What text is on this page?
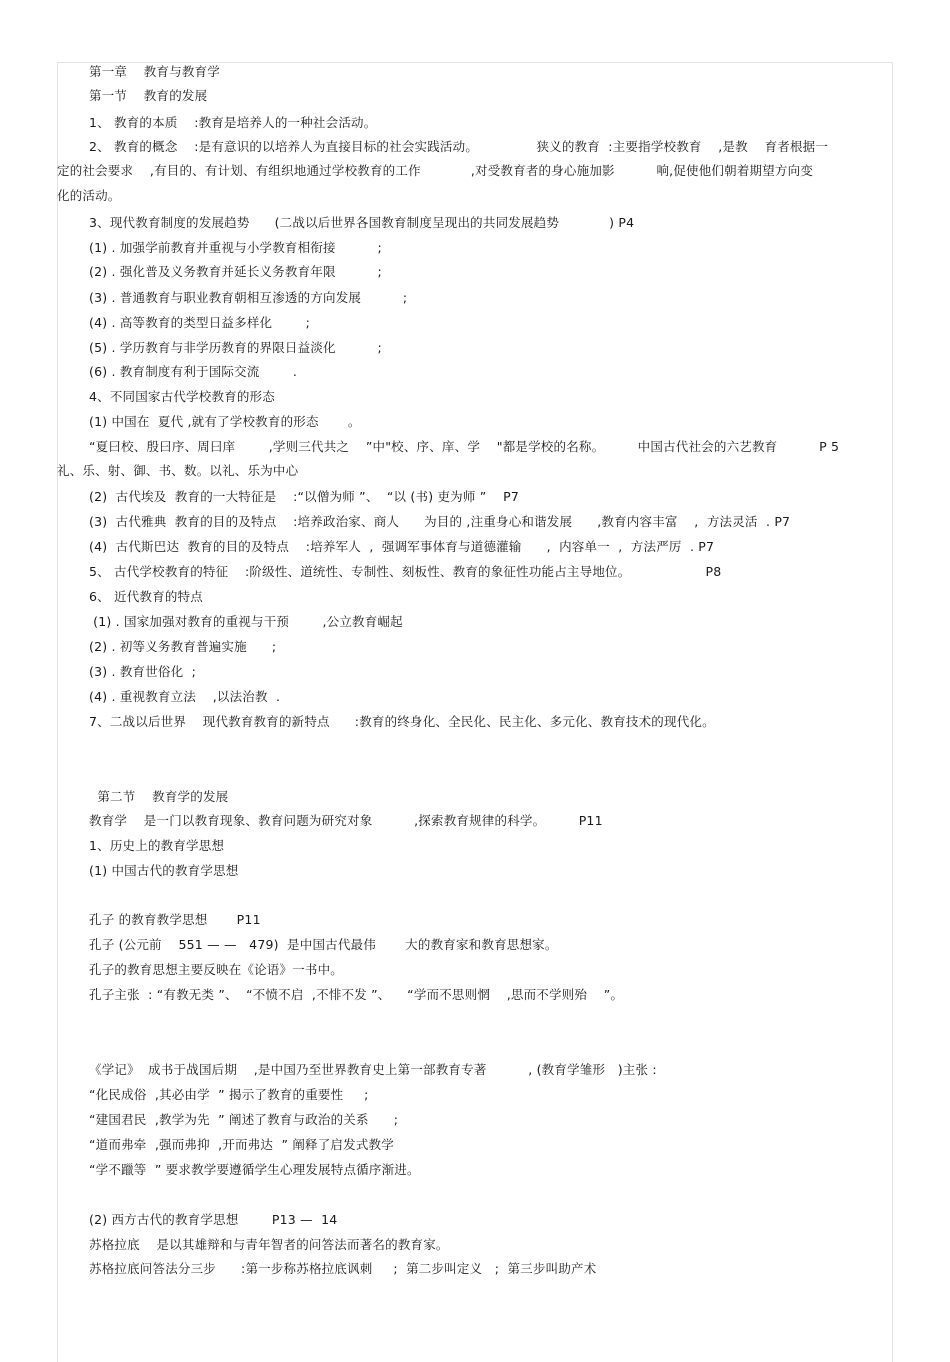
第一章    教育与教育学
第一节    教育的发展
1、 教育的本质    :教育是培养人的一种社会活动。
2、 教育的概念    :是有意识的以培养人为直接目标的社会实践活动。              狭义的教育  :主要指学校教育    ,是教    育者根据一
定的社会要求    ,有目的、有计划、有组织地通过学校教育的工作            ,对受教育者的身心施加影          响,促使他们朝着期望方向变
化的活动。
3、现代教育制度的发展趋势      (二战以后世界各国教育制度呈现出的共同发展趋势            ) P4
(1) . 加强学前教育并重视与小学教育相衔接          ;
(2) . 强化普及义务教育并延长义务教育年限          ;
(3) . 普通教育与职业教育朝相互渗透的方向发展          ;
(4) . 高等教育的类型日益多样化        ;
(5) . 学历教育与非学历教育的界限日益淡化          ;
(6) . 教育制度有利于国际交流        .
4、不同国家古代学校教育的形态
(1) 中国在  夏代 ,就有了学校教育的形态       。
“夏曰校、殷曰序、周曰庠        ,学则三代共之    ”中"校、序、庠、学    "都是学校的名称。        中国古代社会的六艺教育          P 5
礼、乐、射、御、书、数。以礼、乐为中心
(2)  古代埃及  教育的一大特征是    :“以僧为师 ”、  “以 (书) 吏为师 ”    P7
(3)  古代雅典  教育的目的及特点    :培养政治家、商人      为目的 ,注重身心和谐发展      ,教育内容丰富    ,  方法灵活  . P7
(4)  古代斯巴达  教育的目的及特点    :培养军人  ,  强调军事体育与道德灌输      ,  内容单一  ,  方法严厉  . P7
5、 古代学校教育的特征    :阶级性、道统性、专制性、刻板性、教育的象征性功能占主导地位。                  P8
6、 近代教育的特点
(1) . 国家加强对教育的重视与干预        ,公立教育崛起
(2) . 初等义务教育普遍实施      ;
(3) . 教育世俗化  ;
(4) . 重视教育立法    ,以法治教  .
7、二战以后世界    现代教育教育的新特点      :教育的终身化、全民化、民主化、多元化、教育技术的现代化。
第二节    教育学的发展
教育学    是一门以教育现象、教育问题为研究对象          ,探索教育规律的科学。        P11
1、历史上的教育学思想
(1) 中国古代的教育学思想
孔子 的教育教学思想       P11
孔子 (公元前    551 — —   479)  是中国古代最伟       大的教育家和教育思想家。
孔子的教育思想主要反映在《论语》一书中。
孔子主张  : “有教无类 ”、  “不愤不启  ,不悱不发 ”、    “学而不思则惘    ,思而不学则殆    ”。
《学记》  成书于战国后期    ,是中国乃至世界教育史上第一部教育专著          , (教育学雏形   )主张 :
“化民成俗  ,其必由学  ” 揭示了教育的重要性     ;
“建国君民  ,教学为先  ” 阐述了教育与政治的关系      ;
“道而弗牵  ,强而弗抑  ,开而弗达  ” 阐释了启发式教学
“学不躐等  ” 要求教学要遵循学生心理发展特点循序渐进。
(2) 西方古代的教育学思想        P13 —  14
苏格拉底    是以其雄辩和与青年智者的问答法而著名的教育家。
苏格拉底问答法分三步      :第一步称苏格拉底讽刺     ;  第二步叫定义   ;  第三步叫助产术
